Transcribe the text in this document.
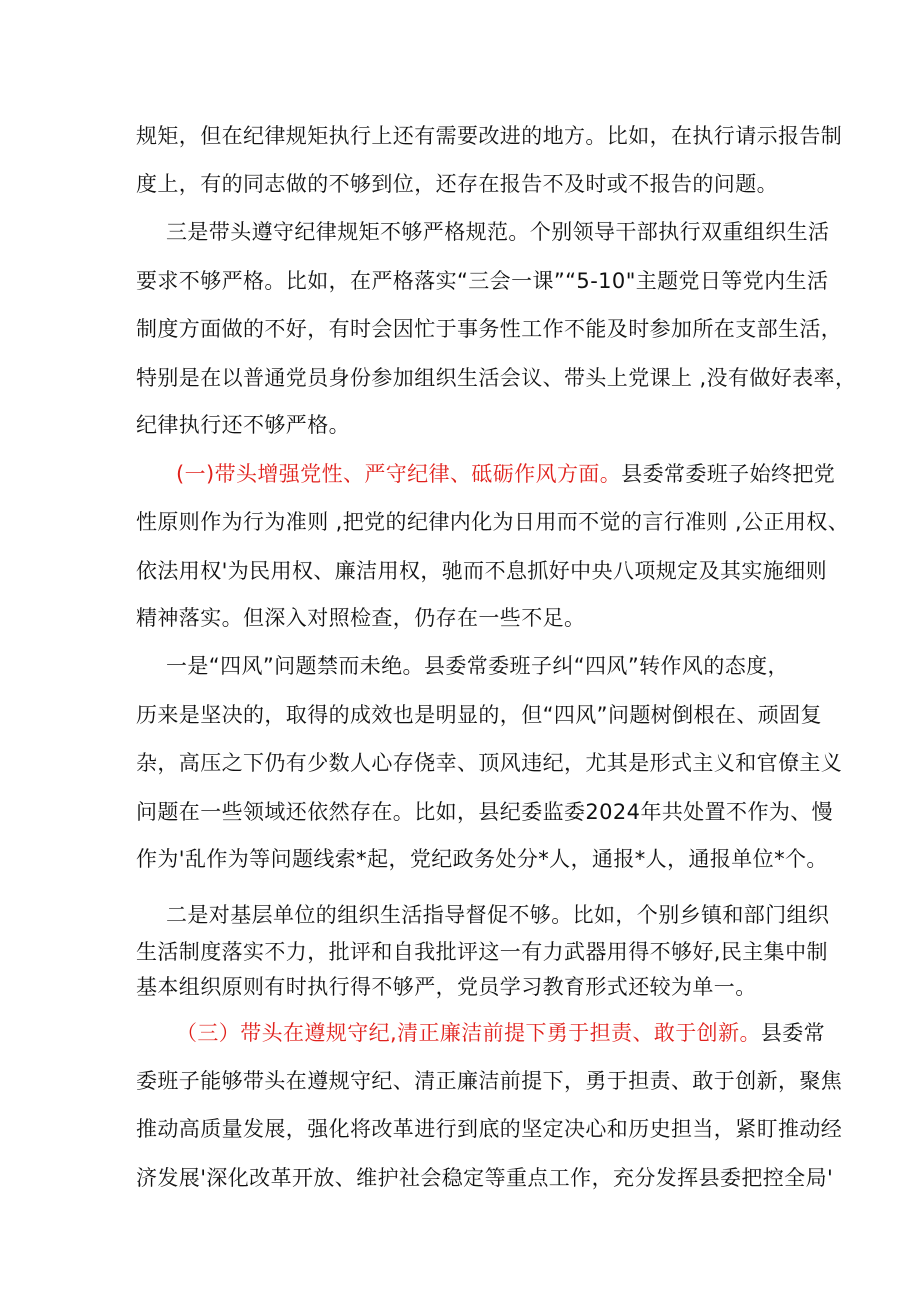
规矩，但在纪律规矩执行上还有需要改进的地方。比如，在执行请示报告制
度上，有的同志做的不够到位，还存在报告不及时或不报告的问题。
三是带头遵守纪律规矩不够严格规范。个别领导干部执行双重组织生活
要求不够严格。比如，在严格落实“三会一课”“5-10"主题党日等党内生活
制度方面做的不好，有时会因忙于事务性工作不能及时参加所在支部生活，
特别是在以普通党员身份参加组织生活会议、带头上党课上 ,没有做好表率，
纪律执行还不够严格。
(一)带头增强党性、严守纪律、砥砺作风方面。县委常委班子始终把党
性原则作为行为准则 ,把党的纪律内化为日用而不觉的言行准则 ,公正用权、
依法用权'为民用权、廉洁用权，驰而不息抓好中央八项规定及其实施细则
精神落实。但深入对照检查，仍存在一些不足。
一是“四风”问题禁而未绝。县委常委班子纠“四风”转作风的态度，
历来是坚决的，取得的成效也是明显的，但“四风”问题树倒根在、顽固复
杂，高压之下仍有少数人心存侥幸、顶风违纪，尤其是形式主义和官僚主义
问题在一些领域还依然存在。比如，县纪委监委2024年共处置不作为、慢
作为'乱作为等问题线索*起，党纪政务处分*人，通报*人，通报单位*个。
二是对基层单位的组织生活指导督促不够。比如，个别乡镇和部门组织
生活制度落实不力，批评和自我批评这一有力武器用得不够好,民主集中制
基本组织原则有时执行得不够严，党员学习教育形式还较为单一。
（三）带头在遵规守纪,清正廉洁前提下勇于担责、敢于创新。县委常
委班子能够带头在遵规守纪、清正廉洁前提下，勇于担责、敢于创新，聚焦
推动高质量发展，强化将改革进行到底的坚定决心和历史担当，紧盯推动经
济发展'深化改革开放、维护社会稳定等重点工作，充分发挥县委把控全局'
